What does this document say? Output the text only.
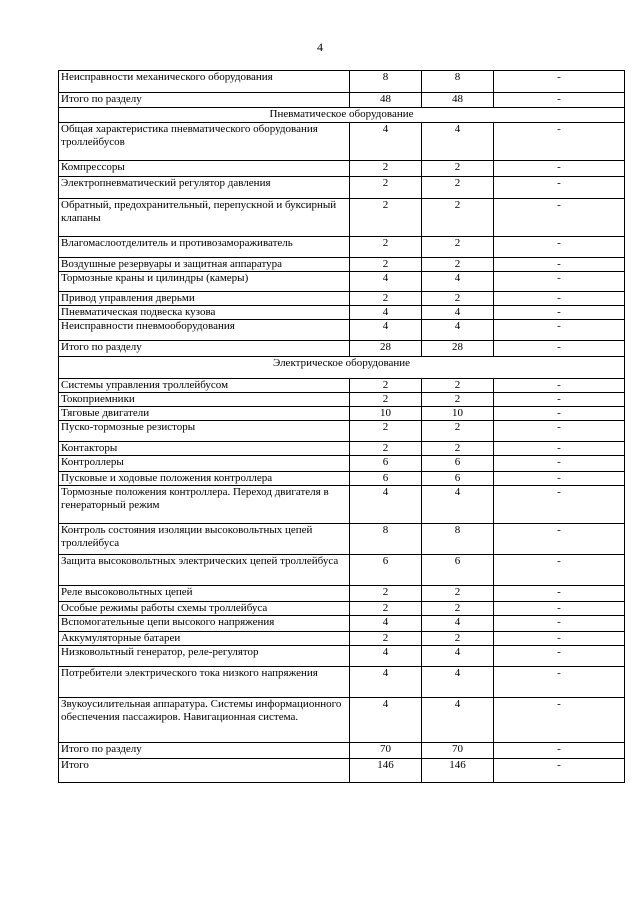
4
Неисправности механического оборудования	8	8	-
Итого по разделу	48	48	-
Пневматическое оборудование			
Общая характеристика пневматического оборудования троллейбусов	4	4	-
Компрессоры	2	2	-
Электропневматический регулятор давления	2	2	-
Обратный, предохранительный, перепускной и буксирный клапаны	2	2	-
Влагомаслоотделитель и противозамораживатель	2	2	-
Воздушные резервуары и защитная аппаратура	2	2	-
Тормозные краны и цилиндры (камеры)	4	4	-
Привод управления дверьми	2	2	-
Пневматическая подвеска кузова	4	4	-
Неисправности пневмооборудования	4	4	-
Итого по разделу	28	28	-
Электрическое оборудование			
Системы управления троллейбусом	2	2	-
Токоприемники	2	2	-
Тяговые двигатели	10	10	-
Пуско-тормозные резисторы	2	2	-
Контакторы	2	2	-
Контроллеры	6	6	-
Пусковые и ходовые положения контроллера	6	6	-
Тормозные положения контроллера. Переход двигателя в генераторный режим	4	4	-
Контроль состояния изоляции высоковольтных цепей троллейбуса	8	8	-
Защита высоковольтных электрических цепей троллейбуса	6	6	-
Реле высоковольтных цепей	2	2	-
Особые режимы работы схемы троллейбуса	2	2	-
Вспомогательные цепи высокого напряжения	4	4	-
Аккумуляторные батареи	2	2	-
Низковольтный генератор, реле-регулятор	4	4	-
Потребители электрического тока низкого напряжения	4	4	-
Звукоусилительная аппаратура. Системы информационного обеспечения пассажиров. Навигационная система.	4	4	-
Итого по разделу	70	70	-
Итого	146	146	-
